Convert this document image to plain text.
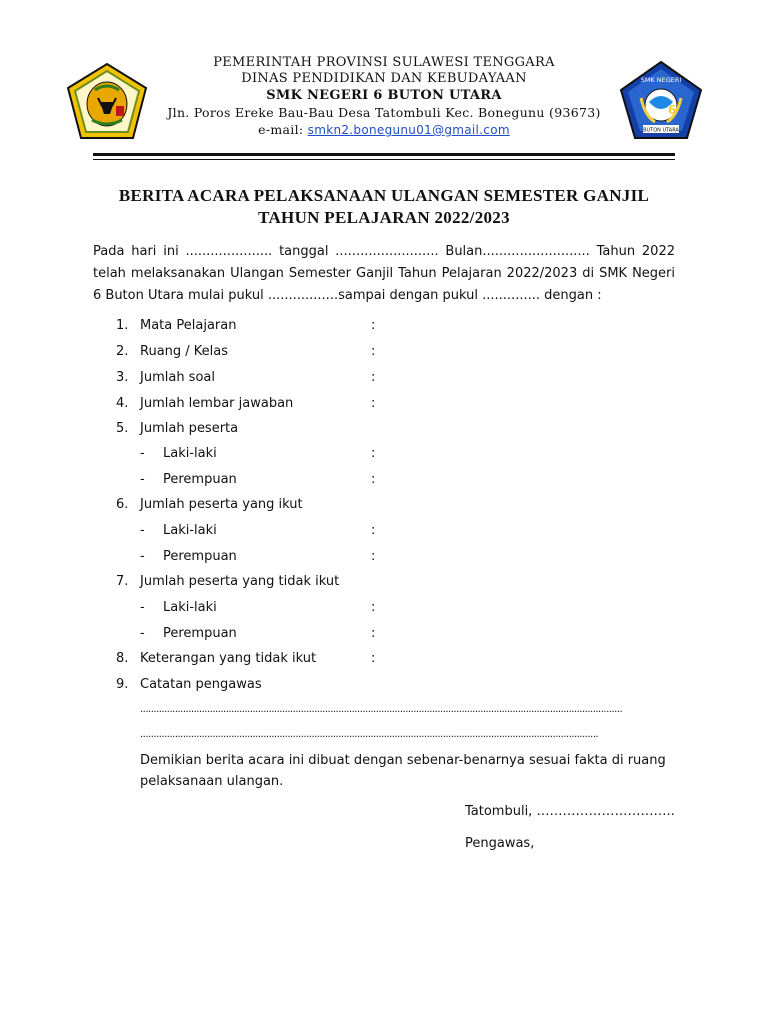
SMK NEGERI
6
BUTON UTARA
PEMERINTAH PROVINSI SULAWESI TENGGARA
DINAS PENDIDIKAN DAN KEBUDAYAAN
SMK NEGERI 6 BUTON UTARA
Jln. Poros Ereke Bau-Bau Desa Tatombuli Kec. Bonegunu (93673)
e-mail: smkn2.bonegunu01@gmail.com
BERITA ACARA PELAKSANAAN ULANGAN SEMESTER GANJIL
TAHUN PELAJARAN 2022/2023
Pada hari ini ..................... tanggal ......................... Bulan.......................... Tahun 2022 telah melaksanakan Ulangan Semester Ganjil Tahun Pelajaran 2022/2023 di SMK Negeri 6 Buton Utara mulai pukul .................sampai dengan pukul .............. dengan :
1. Mata Pelajaran	:
2. Ruang / Kelas	:
3. Jumlah soal	:
4. Jumlah lembar jawaban	:
5. Jumlah peserta
- Laki-laki	:
- Perempuan	:
6. Jumlah peserta yang ikut
- Laki-laki	:
- Perempuan	:
7. Jumlah peserta yang tidak ikut
- Laki-laki	:
- Perempuan	:
8. Keterangan yang tidak ikut	:
9. Catatan pengawas
....................................................................................................................................................................................
...........................................................................................................................................................................
Demikian berita acara ini dibuat dengan sebenar-benarnya sesuai fakta di ruang pelaksanaan ulangan.
Tatombuli, …………………………..
Pengawas,
